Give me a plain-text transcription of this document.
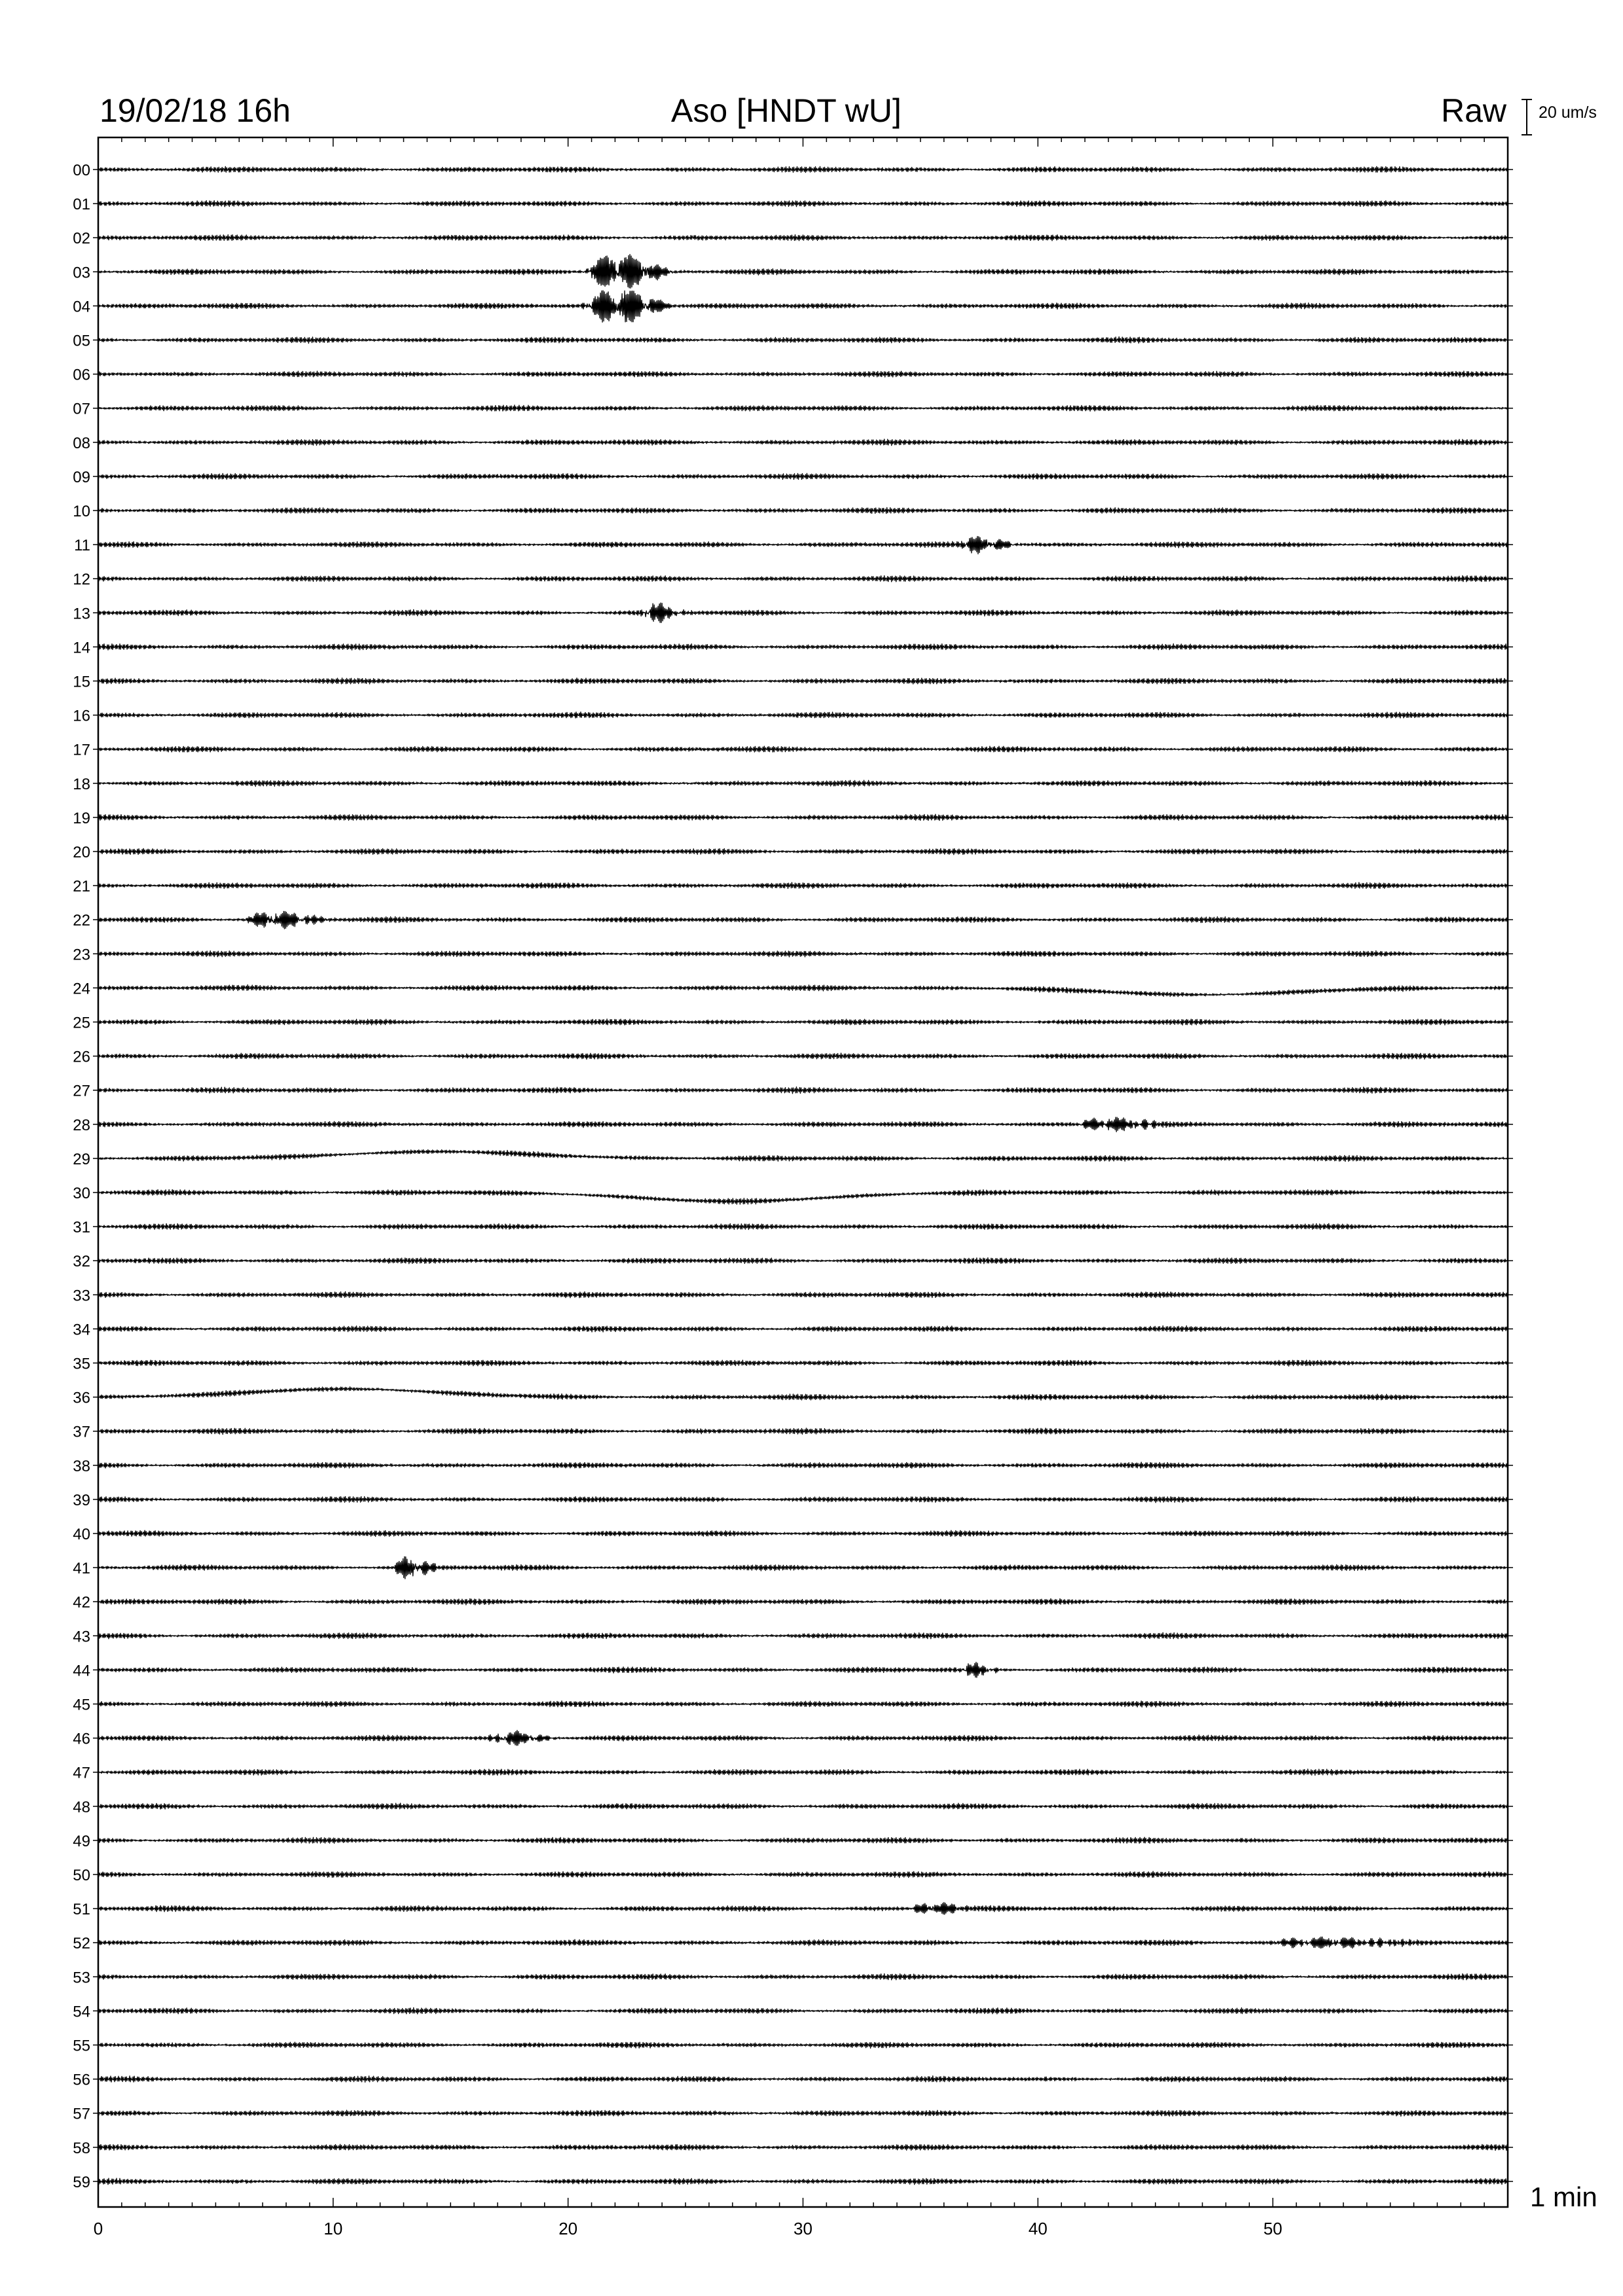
19/02/18 16h	Aso [HNDT wU]	Raw 20 um/s
1 min
00
01
02
03
04
05
06
07
08
09
10
11
12
13
14
15
16
17
18
19
20
21
22
23
24
25
26
27
28
29
30
31
32
33
34
35
36
37
38
39
40
41
42
43
44
45
46
47
48
49
50
51
52
53
54
55
56
57
58
59
0	10	20	30	40	50
